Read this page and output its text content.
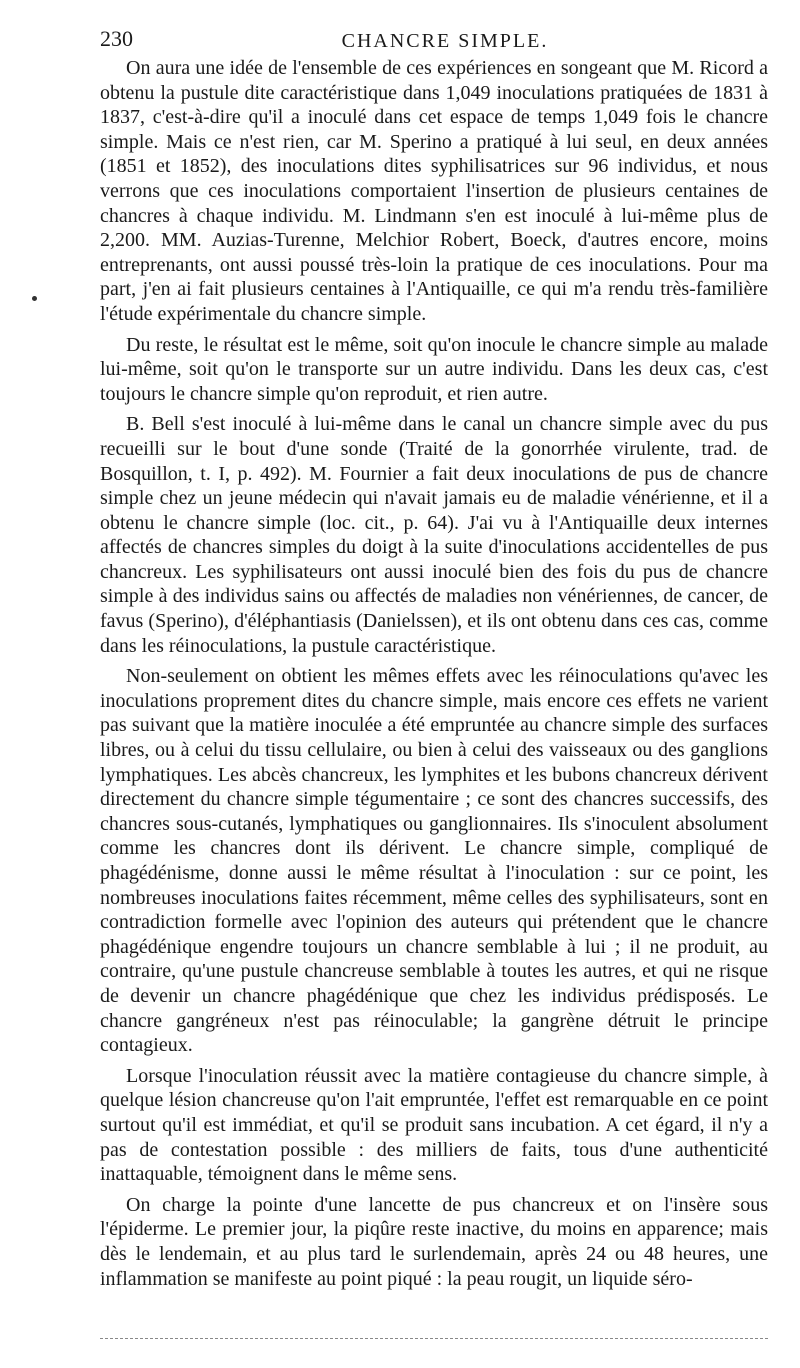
230	CHANCRE SIMPLE.

On aura une idée de l'ensemble de ces expériences en songeant que M. Ricord a obtenu la pustule dite caractéristique dans 1,049 inoculations pratiquées de 1831 à 1837, c'est-à-dire qu'il a inoculé dans cet espace de temps 1,049 fois le chancre simple. Mais ce n'est rien, car M. Sperino a pratiqué à lui seul, en deux années (1851 et 1852), des inoculations dites syphilisatrices sur 96 individus, et nous verrons que ces inoculations comportaient l'insertion de plusieurs centaines de chancres à chaque individu. M. Lindmann s'en est inoculé à lui-même plus de 2,200. MM. Auzias-Turenne, Melchior Robert, Boeck, d'autres encore, moins entreprenants, ont aussi poussé très-loin la pratique de ces inoculations. Pour ma part, j'en ai fait plusieurs centaines à l'Antiquaille, ce qui m'a rendu très-familière l'étude expérimentale du chancre simple.

Du reste, le résultat est le même, soit qu'on inocule le chancre simple au malade lui-même, soit qu'on le transporte sur un autre individu. Dans les deux cas, c'est toujours le chancre simple qu'on reproduit, et rien autre.

B. Bell s'est inoculé à lui-même dans le canal un chancre simple avec du pus recueilli sur le bout d'une sonde (Traité de la gonorrhée virulente, trad. de Bosquillon, t. I, p. 492). M. Fournier a fait deux inoculations de pus de chancre simple chez un jeune médecin qui n'avait jamais eu de maladie vénérienne, et il a obtenu le chancre simple (loc. cit., p. 64). J'ai vu à l'Antiquaille deux internes affectés de chancres simples du doigt à la suite d'inoculations accidentelles de pus chancreux. Les syphilisateurs ont aussi inoculé bien des fois du pus de chancre simple à des individus sains ou affectés de maladies non vénériennes, de cancer, de favus (Sperino), d'éléphantiasis (Danielssen), et ils ont obtenu dans ces cas, comme dans les réinoculations, la pustule caractéristique.

Non-seulement on obtient les mêmes effets avec les réinoculations qu'avec les inoculations proprement dites du chancre simple, mais encore ces effets ne varient pas suivant que la matière inoculée a été empruntée au chancre simple des surfaces libres, ou à celui du tissu cellulaire, ou bien à celui des vaisseaux ou des ganglions lymphatiques. Les abcès chancreux, les lymphites et les bubons chancreux dérivent directement du chancre simple tégumentaire ; ce sont des chancres successifs, des chancres sous-cutanés, lymphatiques ou ganglionnaires. Ils s'inoculent absolument comme les chancres dont ils dérivent. Le chancre simple, compliqué de phagédénisme, donne aussi le même résultat à l'inoculation : sur ce point, les nombreuses inoculations faites récemment, même celles des syphilisateurs, sont en contradiction formelle avec l'opinion des auteurs qui prétendent que le chancre phagédénique engendre toujours un chancre semblable à lui ; il ne produit, au contraire, qu'une pustule chancreuse semblable à toutes les autres, et qui ne risque de devenir un chancre phagédénique que chez les individus prédisposés. Le chancre gangréneux n'est pas réinoculable; la gangrène détruit le principe contagieux.

Lorsque l'inoculation réussit avec la matière contagieuse du chancre simple, à quelque lésion chancreuse qu'on l'ait empruntée, l'effet est remarquable en ce point surtout qu'il est immédiat, et qu'il se produit sans incubation. A cet égard, il n'y a pas de contestation possible : des milliers de faits, tous d'une authenticité inattaquable, témoignent dans le même sens.

On charge la pointe d'une lancette de pus chancreux et on l'insère sous l'épiderme. Le premier jour, la piqûre reste inactive, du moins en apparence; mais dès le lendemain, et au plus tard le surlendemain, après 24 ou 48 heures, une inflammation se manifeste au point piqué : la peau rougit, un liquide séro-
